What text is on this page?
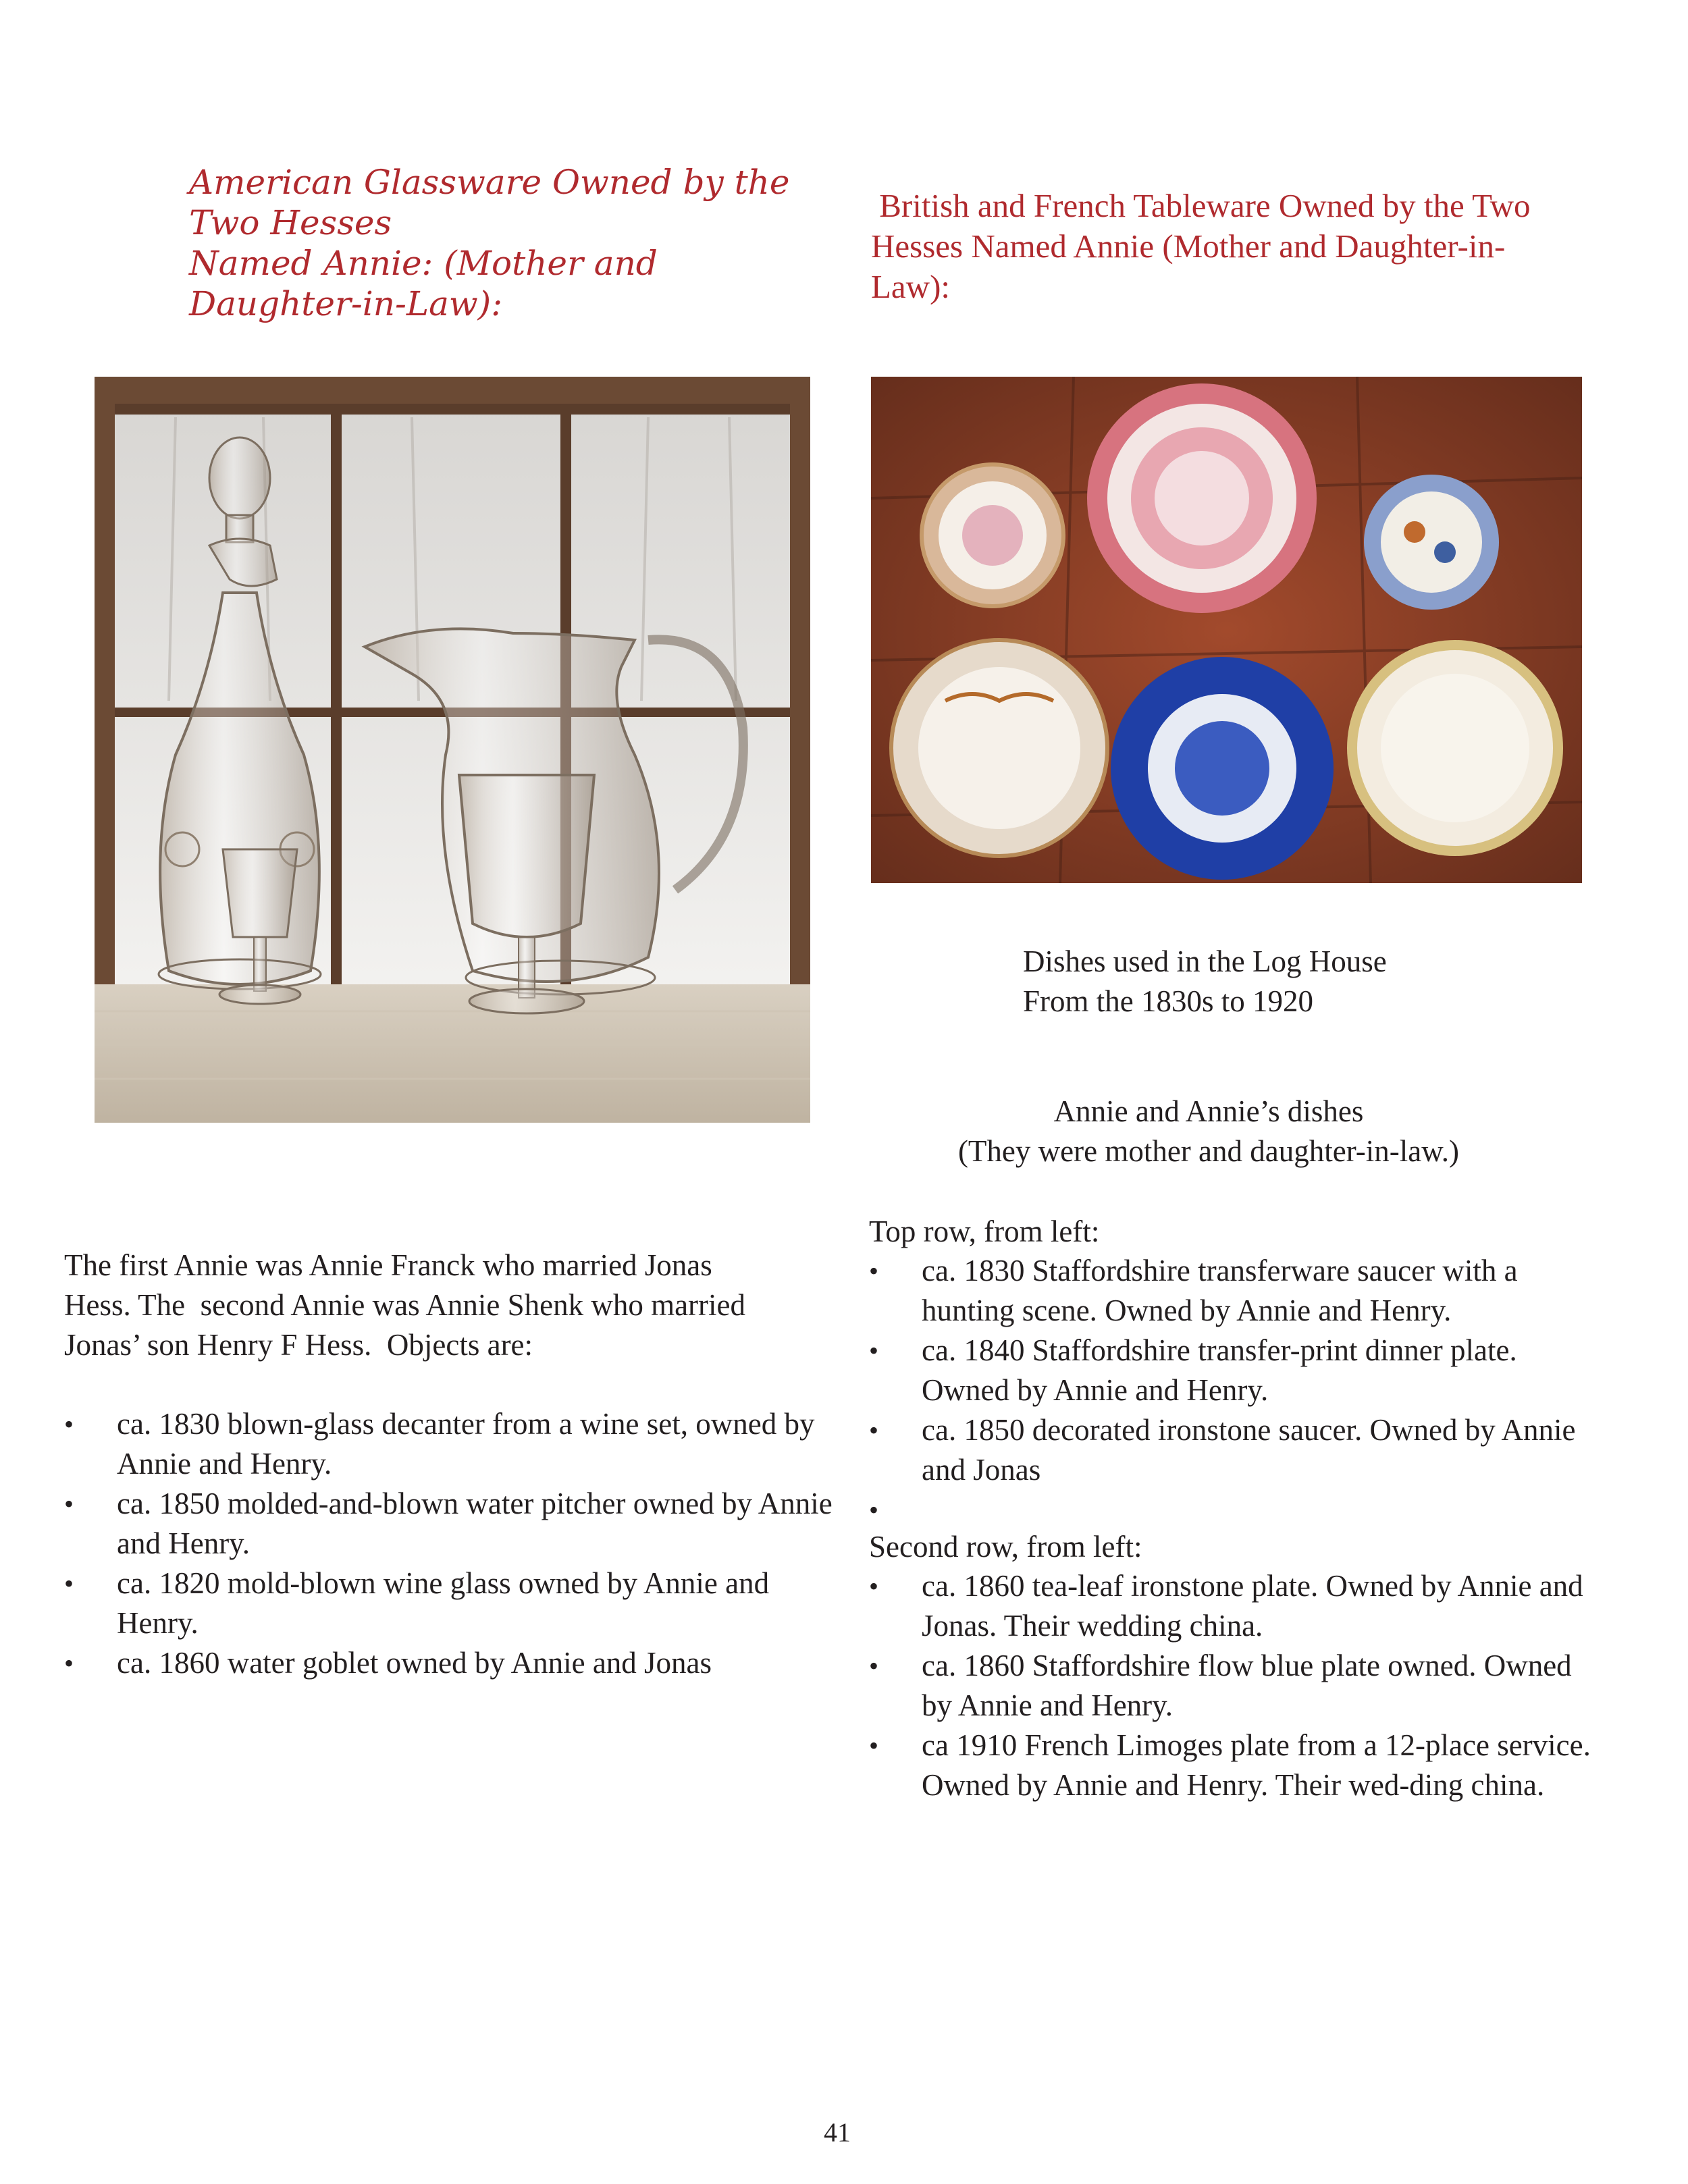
American Glassware Owned by the Two Hesses
Named Annie: (Mother and Daughter-in-Law):
British and French Tableware Owned by the Two
Hesses Named Annie (Mother and Daughter-in-
Law):
Dishes used in the Log House
From the 1830s to 1920
Annie and Annie’s dishes
(They were mother and daughter-in-law.)
The first Annie was Annie Franck who married Jonas
Hess. The  second Annie was Annie Shenk who married
Jonas’ son Henry F Hess.  Objects are:
• ca. 1830 blown-glass decanter from a wine set, owned by Annie and Henry.
• ca. 1850 molded-and-blown water pitcher owned by Annie and Henry.
• ca. 1820 mold-blown wine glass owned by Annie and Henry.
• ca. 1860 water goblet owned by Annie and Jonas
Top row, from left:
• ca. 1830 Staffordshire transferware saucer with a hunting scene. Owned by Annie and Henry.
• ca. 1840 Staffordshire transfer-print dinner plate. Owned by Annie and Henry.
• ca. 1850 decorated ironstone saucer. Owned by Annie and Jonas
•
Second row, from left:
• ca. 1860 tea-leaf ironstone plate. Owned by Annie and Jonas. Their wedding china.
• ca. 1860 Staffordshire flow blue plate owned. Owned by Annie and Henry.
• ca 1910 French Limoges plate from a 12-place service. Owned by Annie and Henry. Their wed-ding china.
41
